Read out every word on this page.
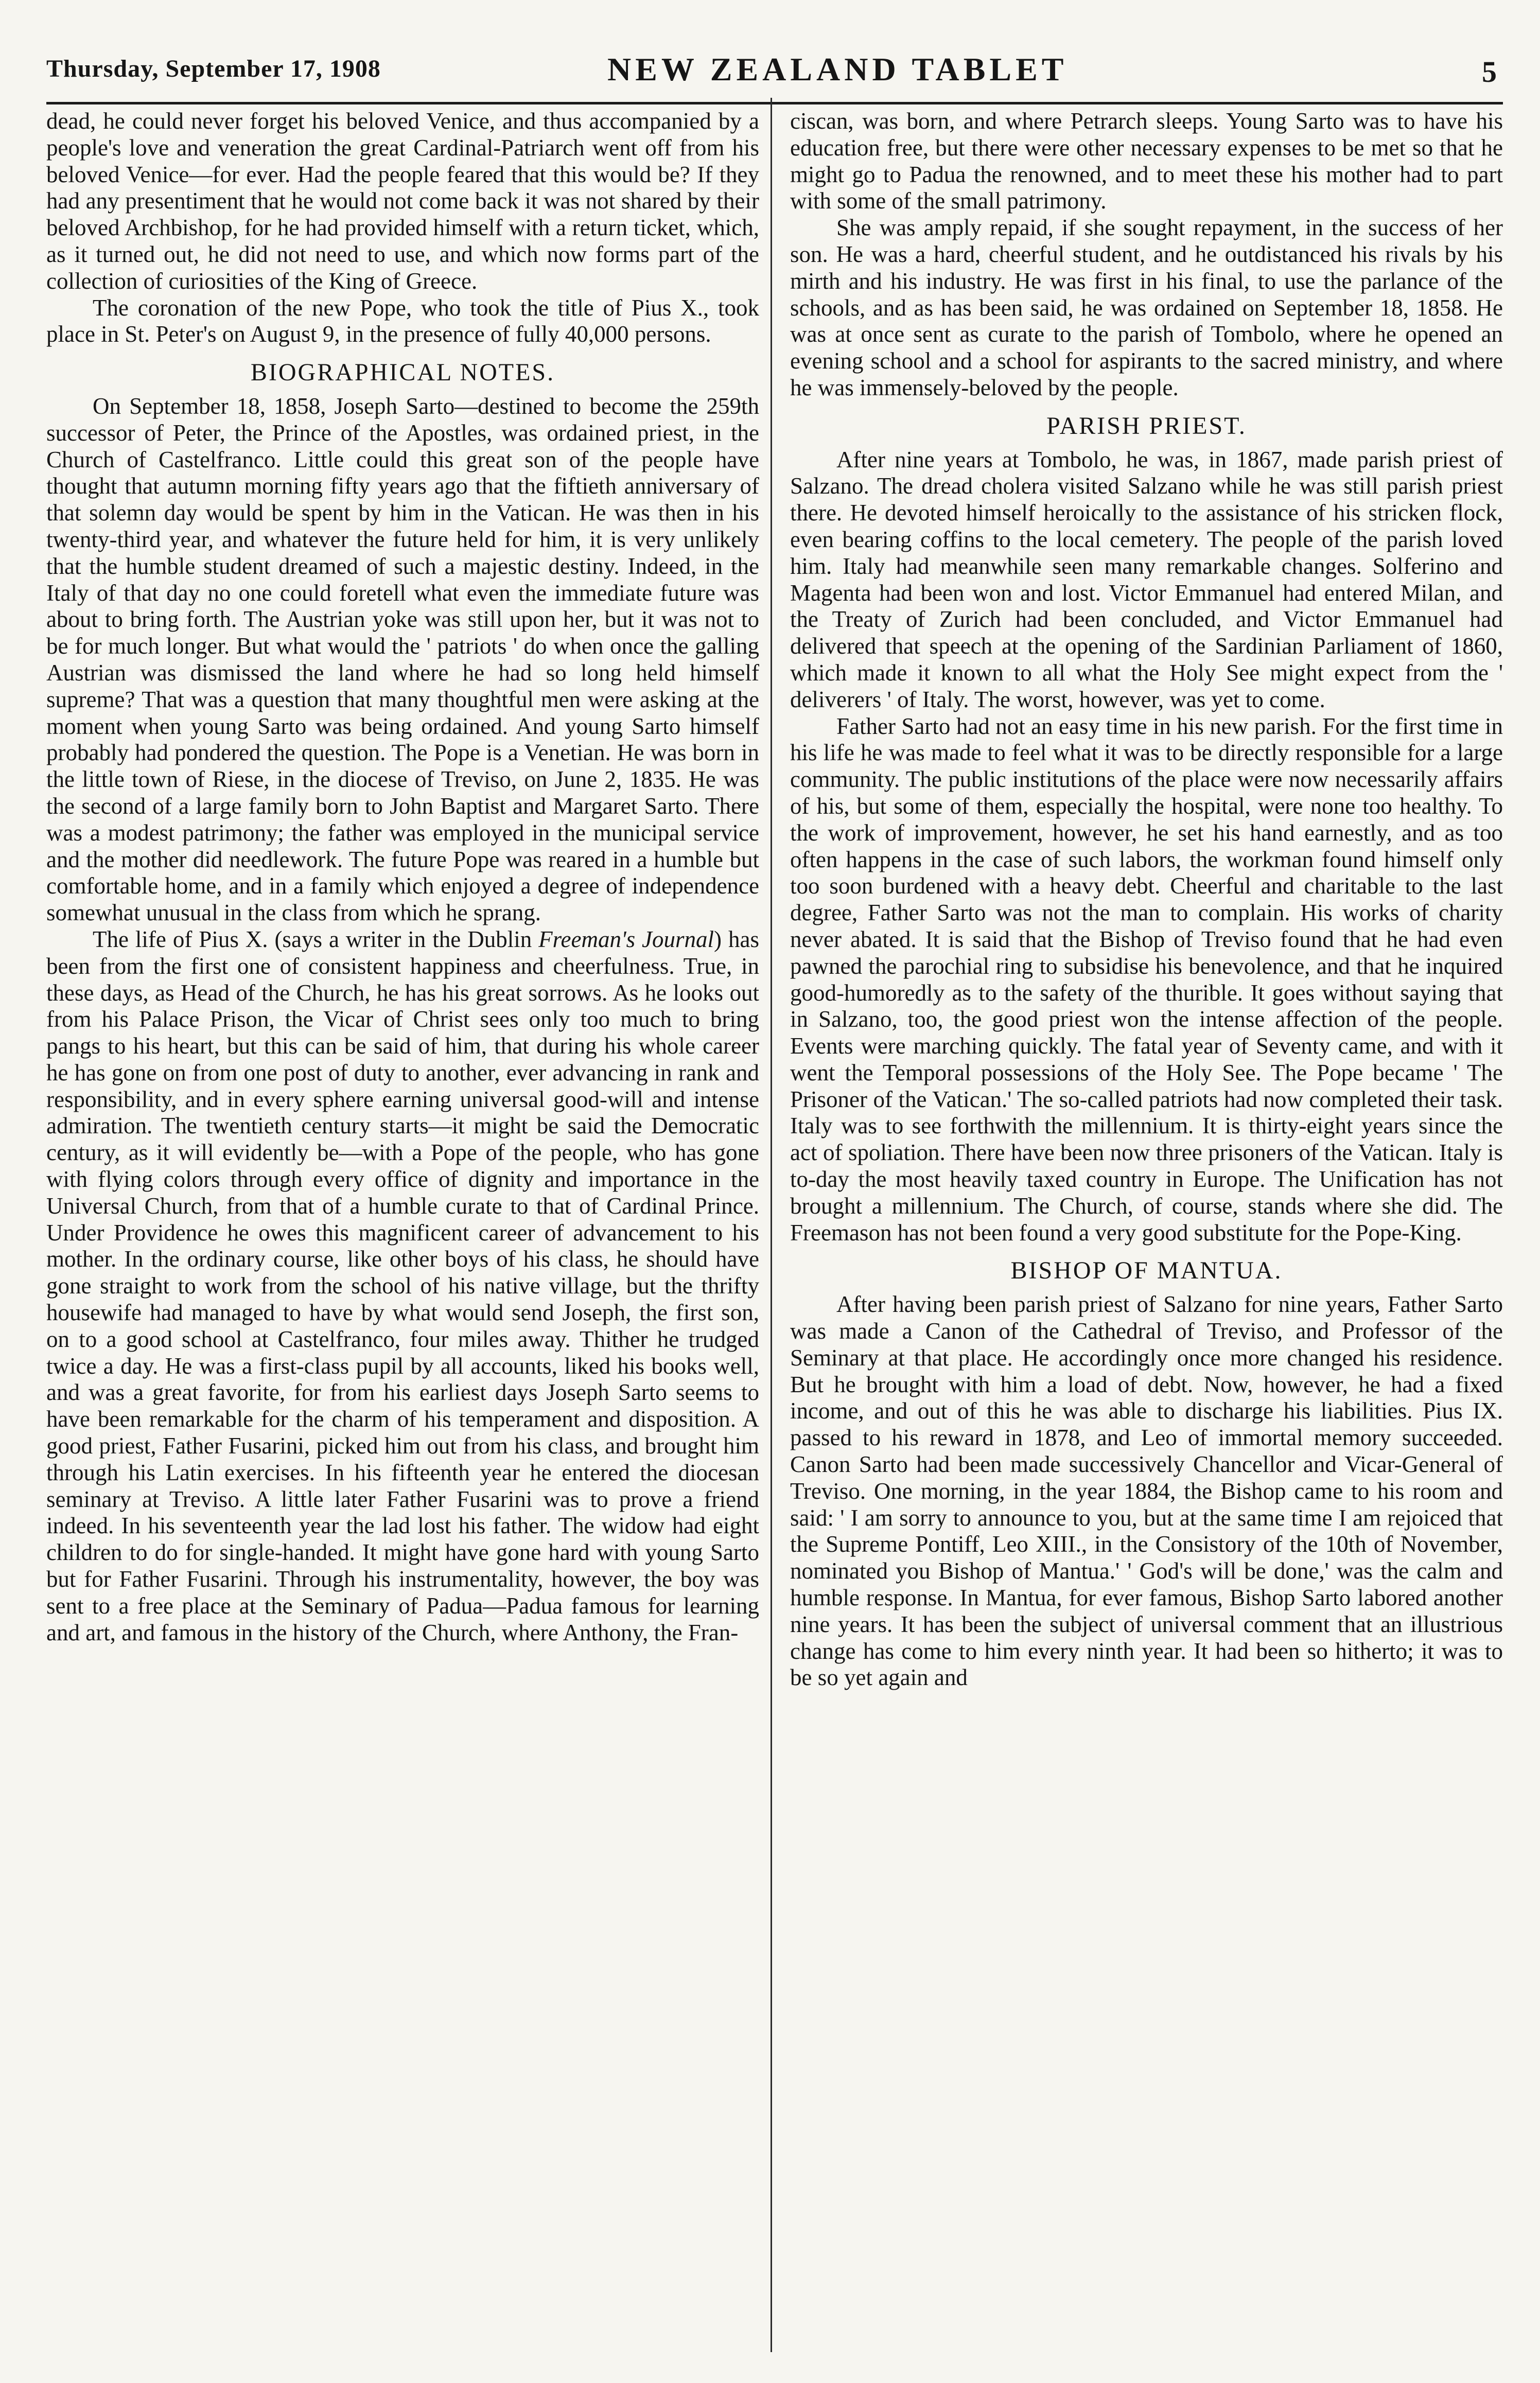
Thursday, September 17, 1908	NEW ZEALAND TABLET	5

dead, he could never forget his beloved Venice, and thus accompanied by a people's love and veneration the great Cardinal-Patriarch went off from his beloved Venice—for ever. Had the people feared that this would be? If they had any presentiment that he would not come back it was not shared by their beloved Archbishop, for he had provided himself with a return ticket, which, as it turned out, he did not need to use, and which now forms part of the collection of curiosities of the King of Greece.

The coronation of the new Pope, who took the title of Pius X., took place in St. Peter's on August 9, in the presence of fully 40,000 persons.

BIOGRAPHICAL NOTES.

On September 18, 1858, Joseph Sarto—destined to become the 259th successor of Peter, the Prince of the Apostles, was ordained priest, in the Church of Castelfranco. Little could this great son of the people have thought that autumn morning fifty years ago that the fiftieth anniversary of that solemn day would be spent by him in the Vatican. He was then in his twenty-third year, and whatever the future held for him, it is very unlikely that the humble student dreamed of such a majestic destiny. Indeed, in the Italy of that day no one could foretell what even the immediate future was about to bring forth. The Austrian yoke was still upon her, but it was not to be for much longer. But what would the ' patriots ' do when once the galling Austrian was dismissed the land where he had so long held himself supreme? That was a question that many thoughtful men were asking at the moment when young Sarto was being ordained. And young Sarto himself probably had pondered the question. The Pope is a Venetian. He was born in the little town of Riese, in the diocese of Treviso, on June 2, 1835. He was the second of a large family born to John Baptist and Margaret Sarto. There was a modest patrimony; the father was employed in the municipal service and the mother did needlework. The future Pope was reared in a humble but comfortable home, and in a family which enjoyed a degree of independence somewhat unusual in the class from which he sprang.

The life of Pius X. (says a writer in the Dublin Freeman's Journal) has been from the first one of consistent happiness and cheerfulness. True, in these days, as Head of the Church, he has his great sorrows. As he looks out from his Palace Prison, the Vicar of Christ sees only too much to bring pangs to his heart, but this can be said of him, that during his whole career he has gone on from one post of duty to another, ever advancing in rank and responsibility, and in every sphere earning universal good-will and intense admiration. The twentieth century starts—it might be said the Democratic century, as it will evidently be—with a Pope of the people, who has gone with flying colors through every office of dignity and importance in the Universal Church, from that of a humble curate to that of Cardinal Prince. Under Providence he owes this magnificent career of advancement to his mother. In the ordinary course, like other boys of his class, he should have gone straight to work from the school of his native village, but the thrifty housewife had managed to have by what would send Joseph, the first son, on to a good school at Castelfranco, four miles away. Thither he trudged twice a day. He was a first-class pupil by all accounts, liked his books well, and was a great favorite, for from his earliest days Joseph Sarto seems to have been remarkable for the charm of his temperament and disposition. A good priest, Father Fusarini, picked him out from his class, and brought him through his Latin exercises. In his fifteenth year he entered the diocesan seminary at Treviso. A little later Father Fusarini was to prove a friend indeed. In his seventeenth year the lad lost his father. The widow had eight children to do for single-handed. It might have gone hard with young Sarto but for Father Fusarini. Through his instrumentality, however, the boy was sent to a free place at the Seminary of Padua—Padua famous for learning and art, and famous in the history of the Church, where Anthony, the Fran-

ciscan, was born, and where Petrarch sleeps. Young Sarto was to have his education free, but there were other necessary expenses to be met so that he might go to Padua the renowned, and to meet these his mother had to part with some of the small patrimony.

She was amply repaid, if she sought repayment, in the success of her son. He was a hard, cheerful student, and he outdistanced his rivals by his mirth and his industry. He was first in his final, to use the parlance of the schools, and as has been said, he was ordained on September 18, 1858. He was at once sent as curate to the parish of Tombolo, where he opened an evening school and a school for aspirants to the sacred ministry, and where he was immensely-beloved by the people.

PARISH PRIEST.

After nine years at Tombolo, he was, in 1867, made parish priest of Salzano. The dread cholera visited Salzano while he was still parish priest there. He devoted himself heroically to the assistance of his stricken flock, even bearing coffins to the local cemetery. The people of the parish loved him. Italy had meanwhile seen many remarkable changes. Solferino and Magenta had been won and lost. Victor Emmanuel had entered Milan, and the Treaty of Zurich had been concluded, and Victor Emmanuel had delivered that speech at the opening of the Sardinian Parliament of 1860, which made it known to all what the Holy See might expect from the ' deliverers ' of Italy. The worst, however, was yet to come.

Father Sarto had not an easy time in his new parish. For the first time in his life he was made to feel what it was to be directly responsible for a large community. The public institutions of the place were now necessarily affairs of his, but some of them, especially the hospital, were none too healthy. To the work of improvement, however, he set his hand earnestly, and as too often happens in the case of such labors, the workman found himself only too soon burdened with a heavy debt. Cheerful and charitable to the last degree, Father Sarto was not the man to complain. His works of charity never abated. It is said that the Bishop of Treviso found that he had even pawned the parochial ring to subsidise his benevolence, and that he inquired good-humoredly as to the safety of the thurible. It goes without saying that in Salzano, too, the good priest won the intense affection of the people. Events were marching quickly. The fatal year of Seventy came, and with it went the Temporal possessions of the Holy See. The Pope became ' The Prisoner of the Vatican.' The so-called patriots had now completed their task. Italy was to see forthwith the millennium. It is thirty-eight years since the act of spoliation. There have been now three prisoners of the Vatican. Italy is to-day the most heavily taxed country in Europe. The Unification has not brought a millennium. The Church, of course, stands where she did. The Freemason has not been found a very good substitute for the Pope-King.

BISHOP OF MANTUA.

After having been parish priest of Salzano for nine years, Father Sarto was made a Canon of the Cathedral of Treviso, and Professor of the Seminary at that place. He accordingly once more changed his residence. But he brought with him a load of debt. Now, however, he had a fixed income, and out of this he was able to discharge his liabilities. Pius IX. passed to his reward in 1878, and Leo of immortal memory succeeded. Canon Sarto had been made successively Chancellor and Vicar-General of Treviso. One morning, in the year 1884, the Bishop came to his room and said: ' I am sorry to announce to you, but at the same time I am rejoiced that the Supreme Pontiff, Leo XIII., in the Consistory of the 10th of November, nominated you Bishop of Mantua.' ' God's will be done,' was the calm and humble response. In Mantua, for ever famous, Bishop Sarto labored another nine years. It has been the subject of universal comment that an illustrious change has come to him every ninth year. It had been so hitherto; it was to be so yet again and
